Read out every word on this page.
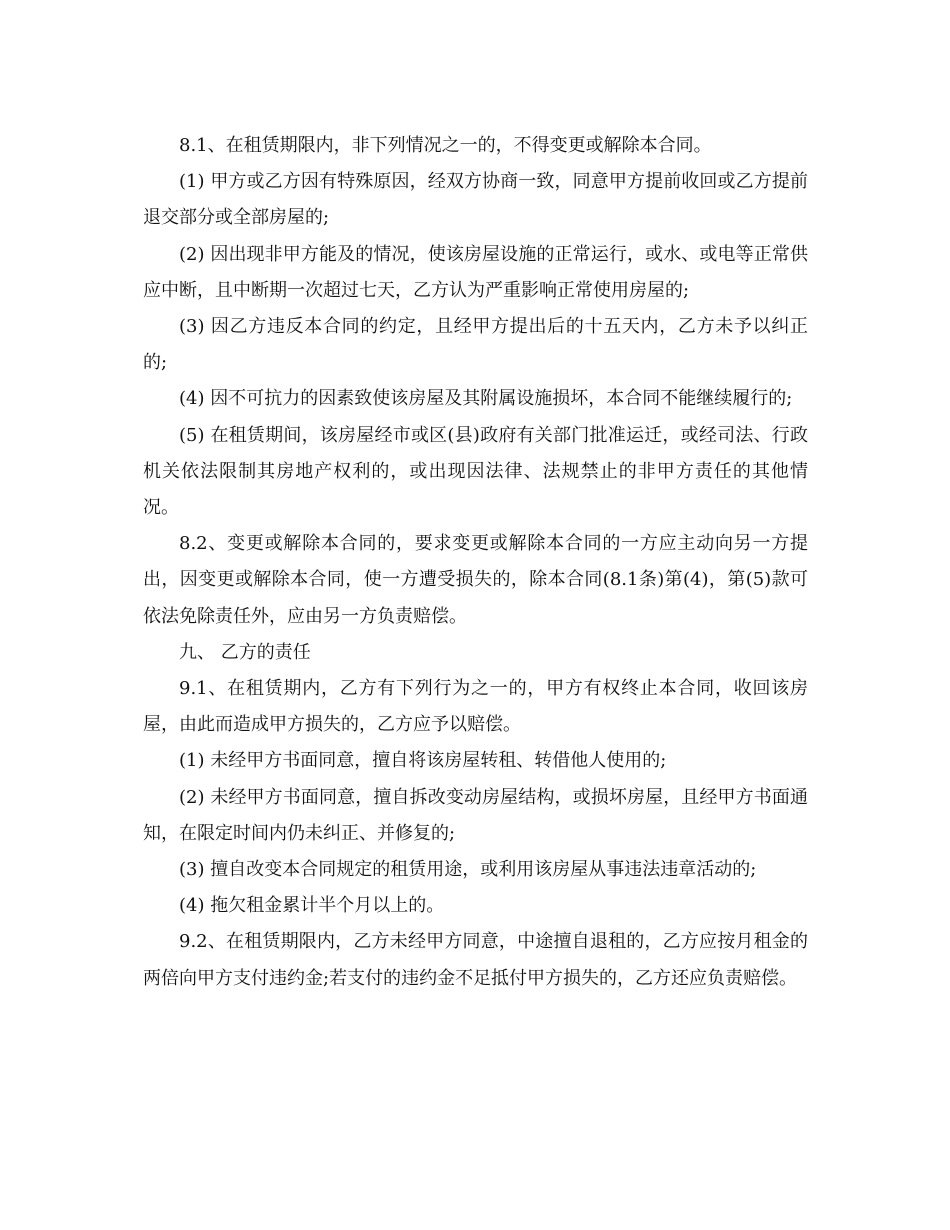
8.1、在租赁期限内，非下列情况之一的，不得变更或解除本合同。

(1) 甲方或乙方因有特殊原因，经双方协商一致，同意甲方提前收回或乙方提前退交部分或全部房屋的;

(2) 因出现非甲方能及的情况，使该房屋设施的正常运行，或水、或电等正常供应中断，且中断期一次超过七天，乙方认为严重影响正常使用房屋的;

(3) 因乙方违反本合同的约定，且经甲方提出后的十五天内，乙方未予以纠正的;

(4) 因不可抗力的因素致使该房屋及其附属设施损坏，本合同不能继续履行的;

(5) 在租赁期间，该房屋经市或区(县)政府有关部门批准运迁，或经司法、行政机关依法限制其房地产权利的，或出现因法律、法规禁止的非甲方责任的其他情况。

8.2、变更或解除本合同的，要求变更或解除本合同的一方应主动向另一方提出，因变更或解除本合同，使一方遭受损失的，除本合同(8.1条)第(4)，第(5)款可依法免除责任外，应由另一方负责赔偿。

九、 乙方的责任

9.1、在租赁期内，乙方有下列行为之一的，甲方有权终止本合同，收回该房屋，由此而造成甲方损失的，乙方应予以赔偿。

(1) 未经甲方书面同意，擅自将该房屋转租、转借他人使用的;

(2) 未经甲方书面同意，擅自拆改变动房屋结构，或损坏房屋，且经甲方书面通知，在限定时间内仍未纠正、并修复的;

(3) 擅自改变本合同规定的租赁用途，或利用该房屋从事违法违章活动的;

(4) 拖欠租金累计半个月以上的。

9.2、在租赁期限内，乙方未经甲方同意，中途擅自退租的，乙方应按月租金的两倍向甲方支付违约金;若支付的违约金不足抵付甲方损失的，乙方还应负责赔偿。
